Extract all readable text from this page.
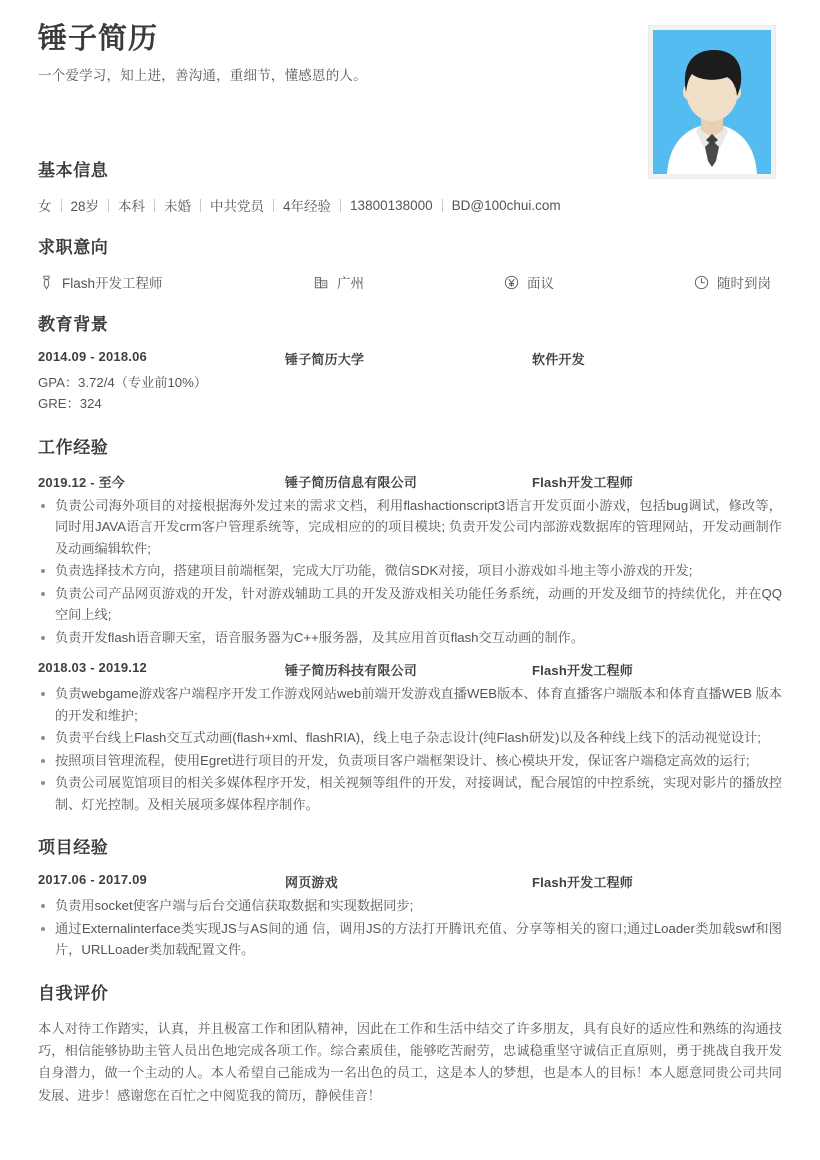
锤子简历
一个爱学习，知上进，善沟通，重细节，懂感恩的人。
基本信息
女 28岁 本科 未婚 中共党员 4年经验 13800138000 BD@100chui.com
求职意向
Flash开发工程师	广州	面议	随时到岗
教育背景
2014.09 - 2018.06	锤子简历大学	软件开发
GPA：3.72/4（专业前10%）
GRE：324
工作经验
2019.12 - 至今	锤子简历信息有限公司	Flash开发工程师
负责公司海外项目的对接根据海外发过来的需求文档，利用flashactionscript3语言开发页面小游戏，包括bug调试，修改等，同时用JAVA语言开发crm客户管理系统等，完成相应的的项目模块; 负责开发公司内部游戏数据库的管理网站，开发动画制作及动画编辑软件;
负责选择技术方向，搭建项目前端框架，完成大厅功能，微信SDK对接，项目小游戏如斗地主等小游戏的开发;
负责公司产品网页游戏的开发，针对游戏辅助工具的开发及游戏相关功能任务系统，动画的开发及细节的持续优化，并在QQ空间上线;
负责开发flash语音聊天室，语音服务器为C++服务器，及其应用首页flash交互动画的制作。
2018.03 - 2019.12	锤子简历科技有限公司	Flash开发工程师
负责webgame游戏客户端程序开发工作游戏网站web前端开发游戏直播WEB版本、体育直播客户端版本和体育直播WEB 版本的开发和维护;
负责平台线上Flash交互式动画(flash+xml、flashRIA)，线上电子杂志设计(纯Flash研发)以及各种线上线下的活动视觉设计;
按照项目管理流程，使用Egret进行项目的开发，负责项目客户端框架设计、核心模块开发，保证客户端稳定高效的运行;
负责公司展览馆项目的相关多媒体程序开发，相关视频等组件的开发，对接调试，配合展馆的中控系统，实现对影片的播放控制、灯光控制。及相关展项多媒体程序制作。
项目经验
2017.06 - 2017.09	网页游戏	Flash开发工程师
负责用socket使客户端与后台交通信获取数据和实现数据同步;
通过Externalinterface类实现JS与AS间的通 信，调用JS的方法打开腾讯充值、分享等相关的窗口;通过Loader类加载swf和图片，URLLoader类加载配置文件。
自我评价
本人对待工作踏实，认真，并且极富工作和团队精神，因此在工作和生活中结交了许多朋友，具有良好的适应性和熟练的沟通技巧，相信能够协助主管人员出色地完成各项工作。综合素质佳，能够吃苦耐劳，忠诚稳重坚守诚信正直原则，勇于挑战自我开发自身潜力，做一个主动的人。本人希望自己能成为一名出色的员工，这是本人的梦想，也是本人的目标！本人愿意同贵公司共同发展、进步！感谢您在百忙之中阅览我的简历，静候佳音！
